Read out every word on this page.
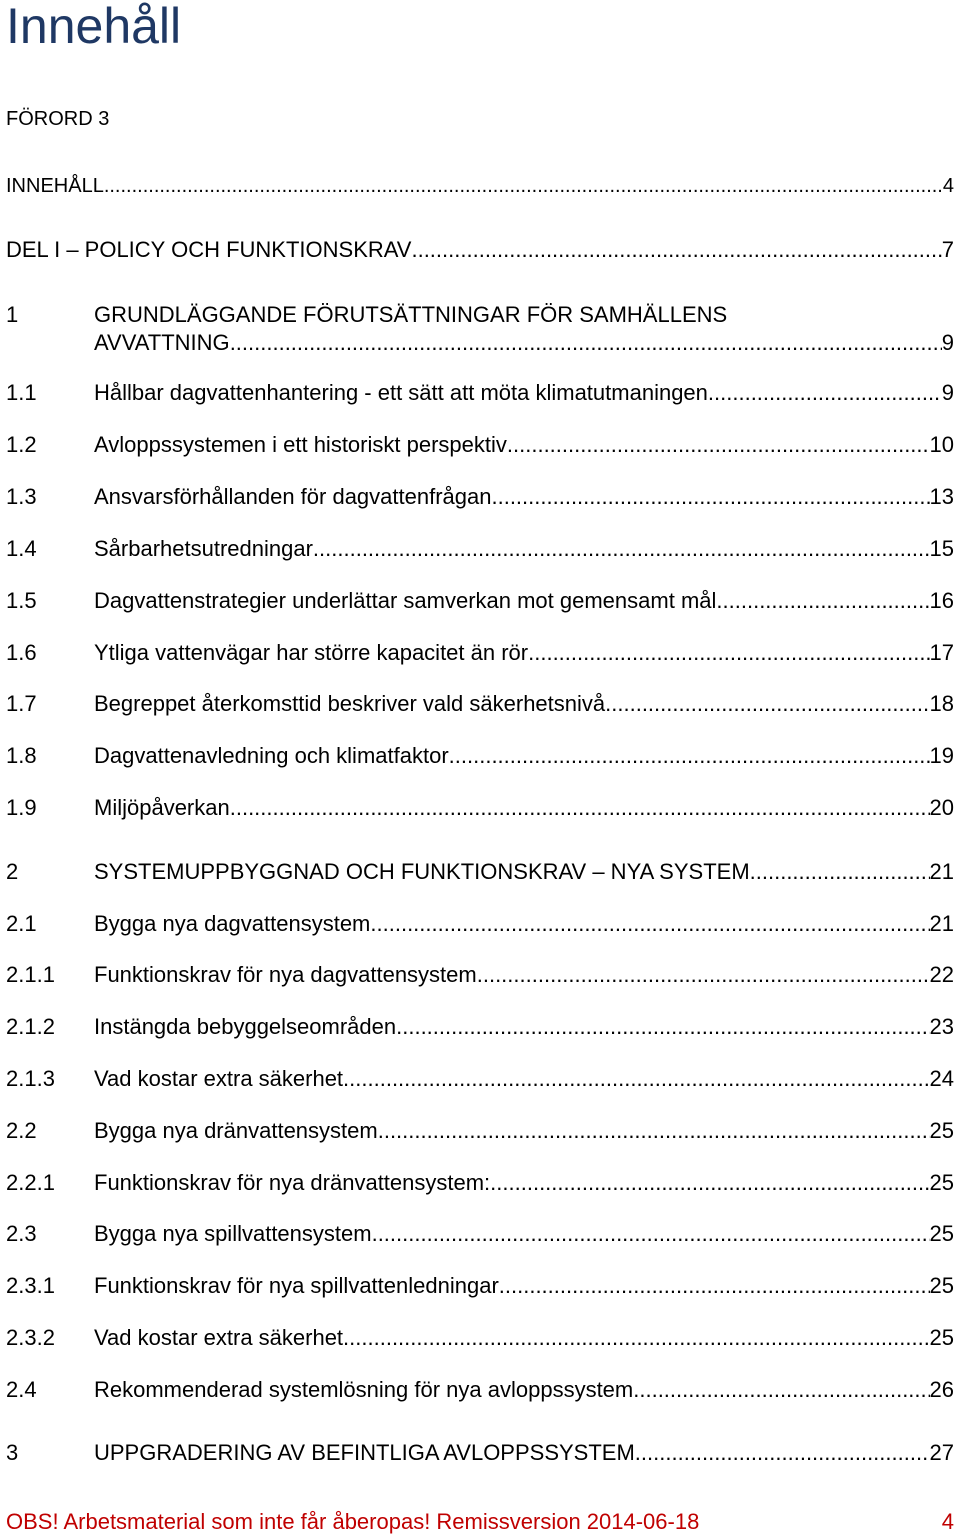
Innehåll
FÖRORD 3
INNEHÅLL .....	4
DEL I – POLICY OCH FUNKTIONSKRAV .....	7
1	GRUNDLÄGGANDE FÖRUTSÄTTNINGAR FÖR SAMHÄLLENS
AVVATTNING .....	9
1.1	Hållbar dagvattenhantering - ett sätt att möta klimatutmaningen .....	9
1.2	Avloppssystemen i ett historiskt perspektiv .....	10
1.3	Ansvarsförhållanden för dagvattenfrågan .....	13
1.4	Sårbarhetsutredningar .....	15
1.5	Dagvattenstrategier underlättar samverkan mot gemensamt mål .....	16
1.6	Ytliga vattenvägar har större kapacitet än rör .....	17
1.7	Begreppet återkomsttid beskriver vald säkerhetsnivå .....	18
1.8	Dagvattenavledning och klimatfaktor .....	19
1.9	Miljöpåverkan .....	20
2	SYSTEMUPPBYGGNAD OCH FUNKTIONSKRAV – NYA SYSTEM .....	21
2.1	Bygga nya dagvattensystem .....	21
2.1.1 Funktionskrav för nya dagvattensystem .....	22
2.1.2 Instängda bebyggelseområden .....	23
2.1.3 Vad kostar extra säkerhet .....	24
2.2	Bygga nya dränvattensystem .....	25
2.2.1 Funktionskrav för nya dränvattensystem: .....	25
2.3	Bygga nya spillvattensystem .....	25
2.3.1 Funktionskrav för nya spillvattenledningar .....	25
2.3.2 Vad kostar extra säkerhet .....	25
2.4	Rekommenderad systemlösning för nya avloppssystem .....	26
3	UPPGRADERING AV BEFINTLIGA AVLOPPSSYSTEM .....	27
OBS! Arbetsmaterial som inte får åberopas! Remissversion 2014-06-18	4
